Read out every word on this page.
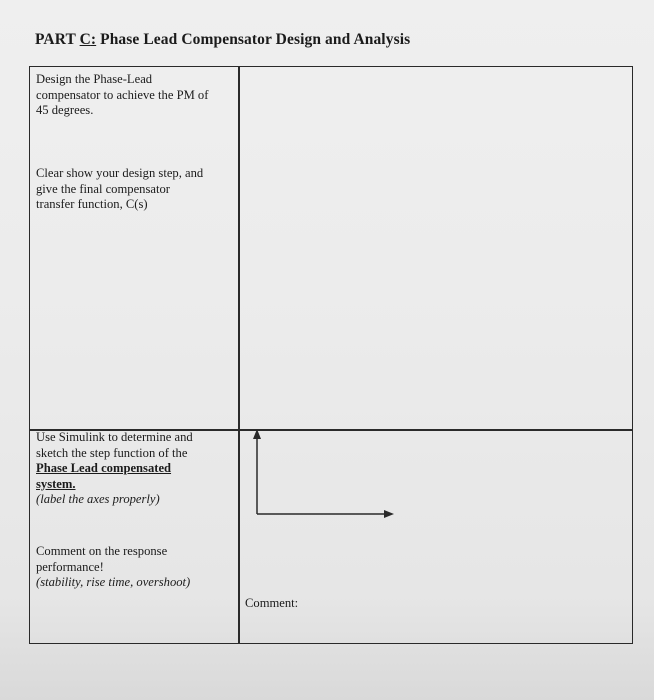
PART C: Phase Lead Compensator Design and Analysis
Design the Phase-Lead
compensator to achieve the PM of
45 degrees.
Clear show your design step, and
give the final compensator
transfer function, C(s)
Use Simulink to determine and
sketch the step function of the
Phase Lead compensated
system.
(label the axes properly)
Comment on the response
performance!
(stability, rise time, overshoot)
Comment:
